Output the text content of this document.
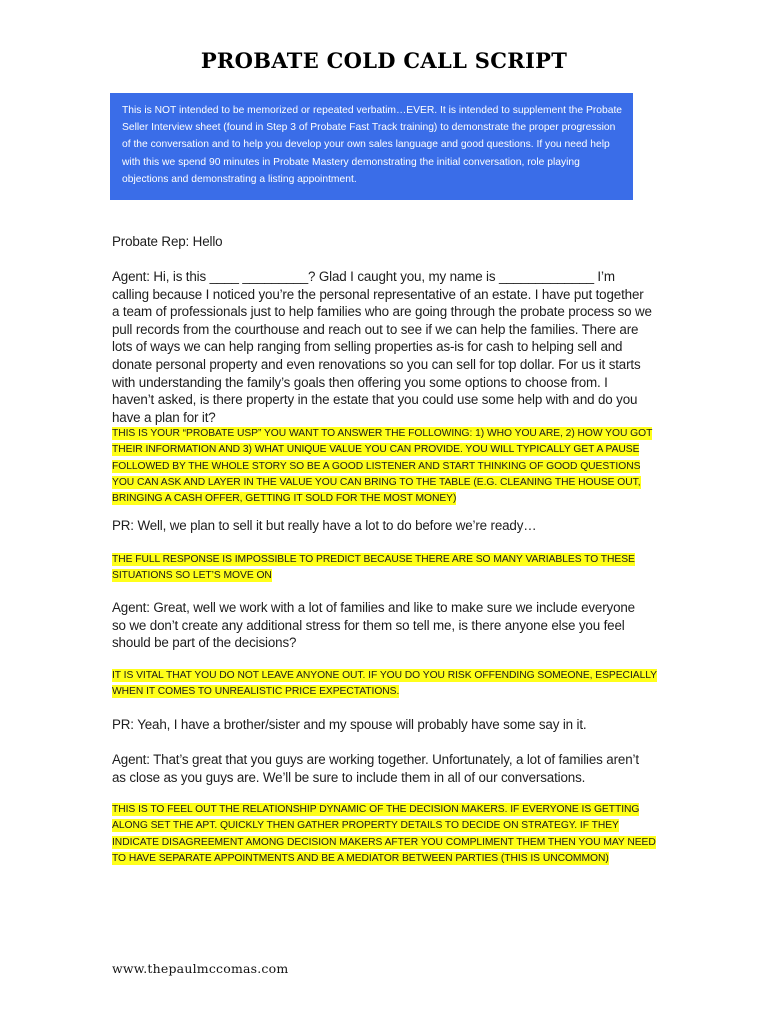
PROBATE COLD CALL SCRIPT

This is NOT intended to be memorized or repeated verbatim…EVER. It is intended to supplement the Probate Seller Interview sheet (found in Step 3 of Probate Fast Track training) to demonstrate the proper progression of the conversation and to help you develop your own sales language and good questions. If you need help with this we spend 90 minutes in Probate Mastery demonstrating the initial conversation, role playing objections and demonstrating a listing appointment.

Probate Rep: Hello

Agent: Hi, is this ____ _________? Glad I caught you, my name is _____________ I’m calling because I noticed you’re the personal representative of an estate. I have put together a team of professionals just to help families who are going through the probate process so we pull records from the courthouse and reach out to see if we can help the families. There are lots of ways we can help ranging from selling properties as-is for cash to helping sell and donate personal property and even renovations so you can sell for top dollar. For us it starts with understanding the family’s goals then offering you some options to choose from. I haven’t asked, is there property in the estate that you could use some help with and do you have a plan for it?

THIS IS YOUR “PROBATE USP” YOU WANT TO ANSWER THE FOLLOWING: 1) WHO YOU ARE, 2) HOW YOU GOT THEIR INFORMATION AND 3) WHAT UNIQUE VALUE YOU CAN PROVIDE. YOU WILL TYPICALLY GET A PAUSE FOLLOWED BY THE WHOLE STORY SO BE A GOOD LISTENER AND START THINKING OF GOOD QUESTIONS YOU CAN ASK AND LAYER IN THE VALUE YOU CAN BRING TO THE TABLE (E.G. CLEANING THE HOUSE OUT, BRINGING A CASH OFFER, GETTING IT SOLD FOR THE MOST MONEY)

PR: Well, we plan to sell it but really have a lot to do before we’re ready…

THE FULL RESPONSE IS IMPOSSIBLE TO PREDICT BECAUSE THERE ARE SO MANY VARIABLES TO THESE SITUATIONS SO LET’S MOVE ON

Agent: Great, well we work with a lot of families and like to make sure we include everyone so we don’t create any additional stress for them so tell me, is there anyone else you feel should be part of the decisions?

IT IS VITAL THAT YOU DO NOT LEAVE ANYONE OUT. IF YOU DO YOU RISK OFFENDING SOMEONE, ESPECIALLY WHEN IT COMES TO UNREALISTIC PRICE EXPECTATIONS.

PR: Yeah, I have a brother/sister and my spouse will probably have some say in it.

Agent: That’s great that you guys are working together. Unfortunately, a lot of families aren’t as close as you guys are. We’ll be sure to include them in all of our conversations.

THIS IS TO FEEL OUT THE RELATIONSHIP DYNAMIC OF THE DECISION MAKERS. IF EVERYONE IS GETTING ALONG SET THE APT. QUICKLY THEN GATHER PROPERTY DETAILS TO DECIDE ON STRATEGY. IF THEY INDICATE DISAGREEMENT AMONG DECISION MAKERS AFTER YOU COMPLIMENT THEM THEN YOU MAY NEED TO HAVE SEPARATE APPOINTMENTS AND BE A MEDIATOR BETWEEN PARTIES (THIS IS UNCOMMON)

www.thepaulmccomas.com
